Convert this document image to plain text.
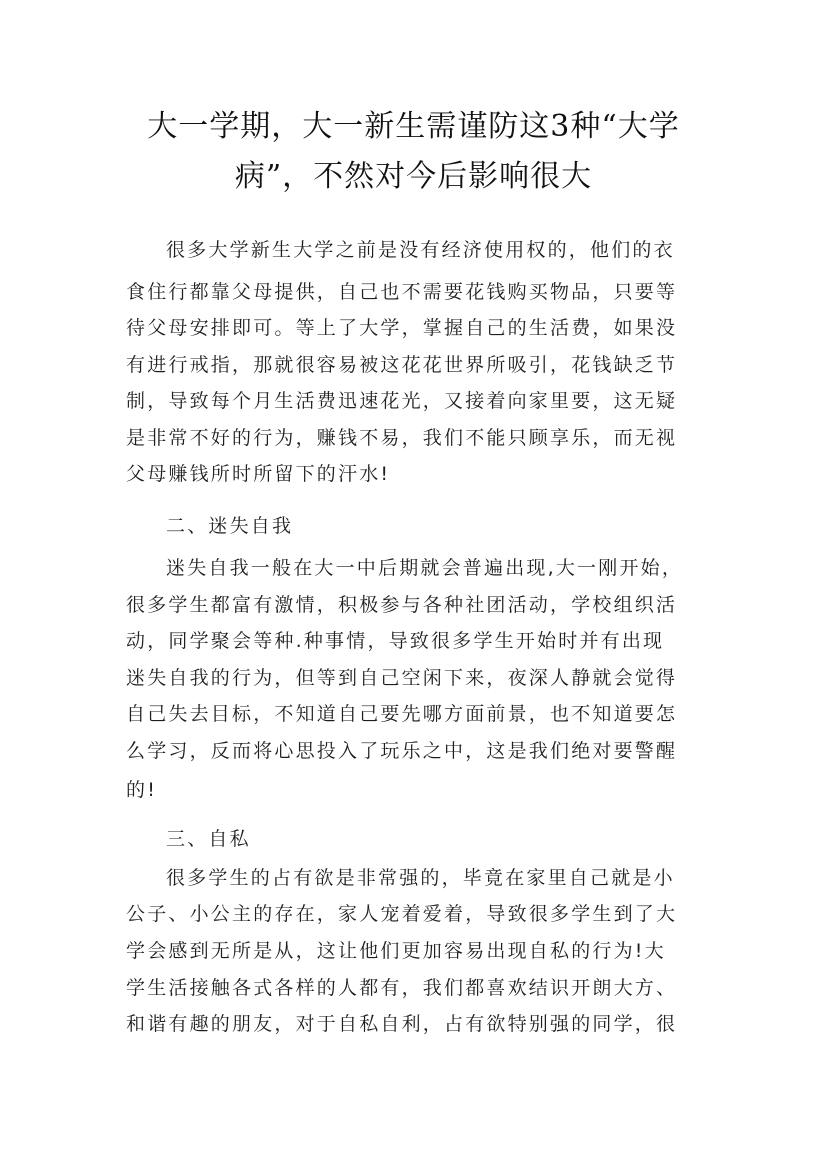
大一学期，大一新生需谨防这3种“大学
病”，不然对今后影响很大
很多大学新生大学之前是没有经济使用权的，他们的衣
食住行都靠父母提供，自己也不需要花钱购买物品，只要等
待父母安排即可。等上了大学，掌握自己的生活费，如果没
有进行戒指，那就很容易被这花花世界所吸引，花钱缺乏节
制，导致每个月生活费迅速花光，又接着向家里要，这无疑
是非常不好的行为，赚钱不易，我们不能只顾享乐，而无视
父母赚钱所时所留下的汗水!
二、迷失自我
迷失自我一般在大一中后期就会普遍出现,大一刚开始，
很多学生都富有激情，积极参与各种社团活动，学校组织活
动，同学聚会等种.种事情，导致很多学生开始时并有出现
迷失自我的行为，但等到自己空闲下来，夜深人静就会觉得
自己失去目标，不知道自己要先哪方面前景，也不知道要怎
么学习，反而将心思投入了玩乐之中，这是我们绝对要警醒
的!
三、自私
很多学生的占有欲是非常强的，毕竟在家里自己就是小
公子、小公主的存在，家人宠着爱着，导致很多学生到了大
学会感到无所是从，这让他们更加容易出现自私的行为!大
学生活接触各式各样的人都有，我们都喜欢结识开朗大方、
和谐有趣的朋友，对于自私自利，占有欲特别强的同学，很
